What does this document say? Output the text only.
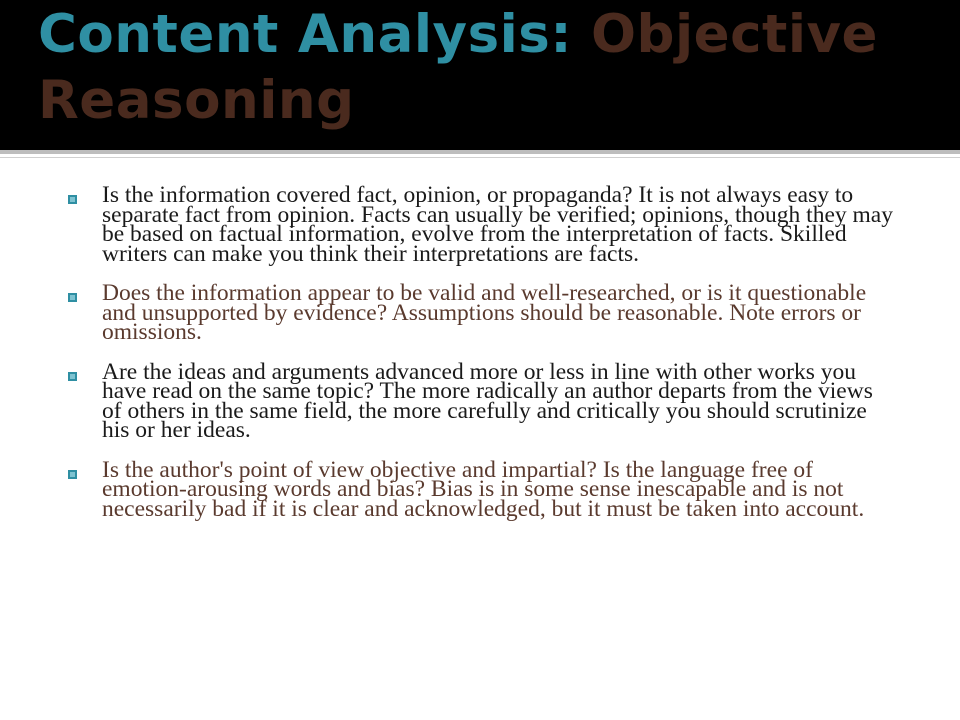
Content Analysis: Objective Reasoning
Is the information covered fact, opinion, or propaganda? It is not always easy to separate fact from opinion. Facts can usually be verified; opinions, though they may be based on factual information, evolve from the interpretation of facts. Skilled writers can make you think their interpretations are facts.
Does the information appear to be valid and well-researched, or is it questionable and unsupported by evidence? Assumptions should be reasonable. Note errors or omissions.
Are the ideas and arguments advanced more or less in line with other works you have read on the same topic? The more radically an author departs from the views of others in the same field, the more carefully and critically you should scrutinize his or her ideas.
Is the author's point of view objective and impartial? Is the language free of emotion-arousing words and bias? Bias is in some sense inescapable and is not necessarily bad if it is clear and acknowledged, but it must be taken into account.
